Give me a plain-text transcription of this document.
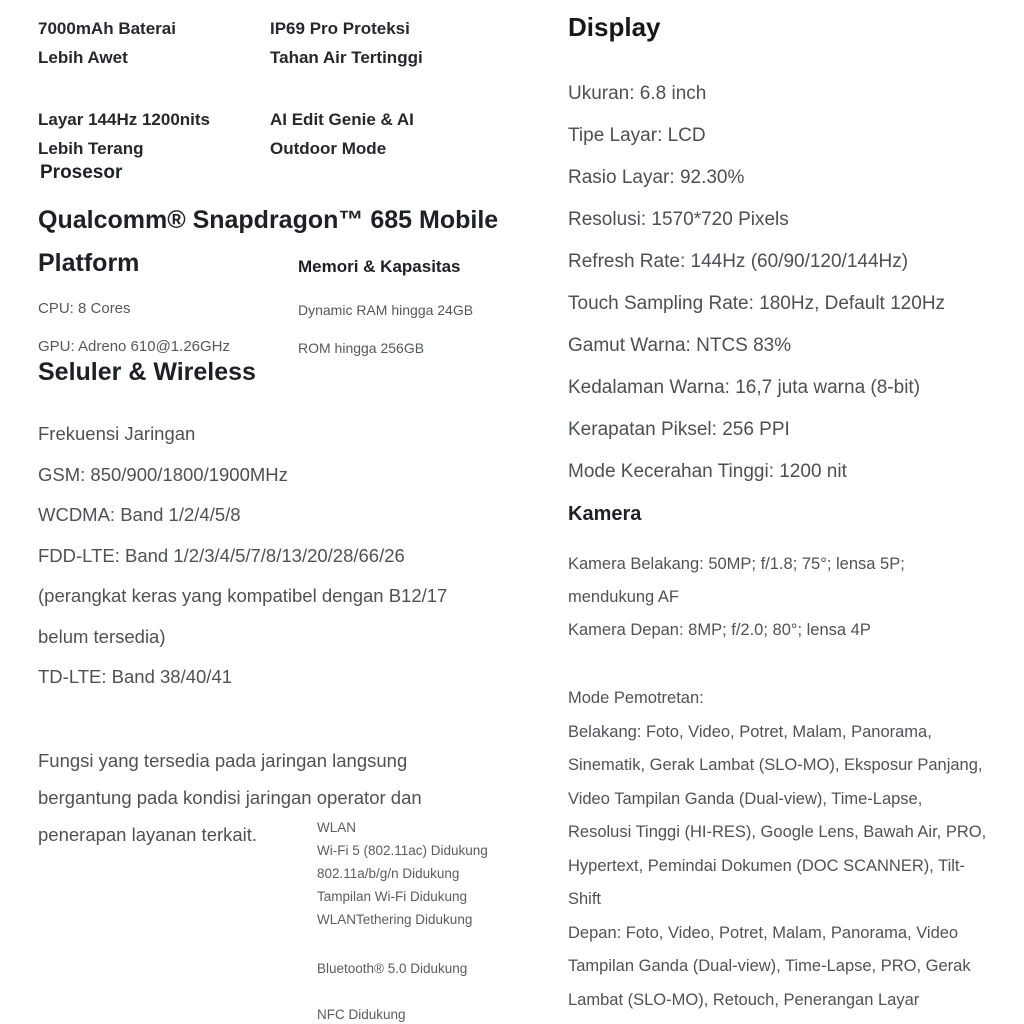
7000mAh Baterai
Lebih Awet
IP69 Pro Proteksi
Tahan Air Tertinggi
Layar 144Hz 1200nits
Lebih Terang
AI Edit Genie & AI
Outdoor Mode
Prosesor
Qualcomm® Snapdragon™ 685 Mobile Platform	Memori & Kapasitas
CPU: 8 Cores
GPU: Adreno 610@1.26GHz
Dynamic RAM hingga 24GB
ROM hingga 256GB
Seluler & Wireless
Frekuensi Jaringan
GSM: 850/900/1800/1900MHz
WCDMA: Band 1/2/4/5/8
FDD-LTE: Band 1/2/3/4/5/7/8/13/20/28/66/26
(perangkat keras yang kompatibel dengan B12/17
belum tersedia)
TD-LTE: Band 38/40/41
Fungsi yang tersedia pada jaringan langsung
bergantung pada kondisi jaringan operator dan
penerapan layanan terkait.	WLAN
Wi-Fi 5 (802.11ac) Didukung
802.11a/b/g/n Didukung
Tampilan Wi-Fi Didukung
WLANTethering Didukung
Bluetooth® 5.0 Didukung
NFC Didukung
Display
Ukuran: 6.8 inch
Tipe Layar: LCD
Rasio Layar: 92.30%
Resolusi: 1570*720 Pixels
Refresh Rate: 144Hz (60/90/120/144Hz)
Touch Sampling Rate: 180Hz, Default 120Hz
Gamut Warna: NTCS 83%
Kedalaman Warna: 16,7 juta warna (8-bit)
Kerapatan Piksel: 256 PPI
Mode Kecerahan Tinggi: 1200 nit
Kamera
Kamera Belakang: 50MP; f/1.8; 75°; lensa 5P;
mendukung AF
Kamera Depan: 8MP; f/2.0; 80°; lensa 4P
Mode Pemotretan:
Belakang: Foto, Video, Potret, Malam, Panorama,
Sinematik, Gerak Lambat (SLO-MO), Eksposur Panjang,
Video Tampilan Ganda (Dual-view), Time-Lapse,
Resolusi Tinggi (HI-RES), Google Lens, Bawah Air, PRO,
Hypertext, Pemindai Dokumen (DOC SCANNER), Tilt-
Shift
Depan: Foto, Video, Potret, Malam, Panorama, Video
Tampilan Ganda (Dual-view), Time-Lapse, PRO, Gerak
Lambat (SLO-MO), Retouch, Penerangan Layar
